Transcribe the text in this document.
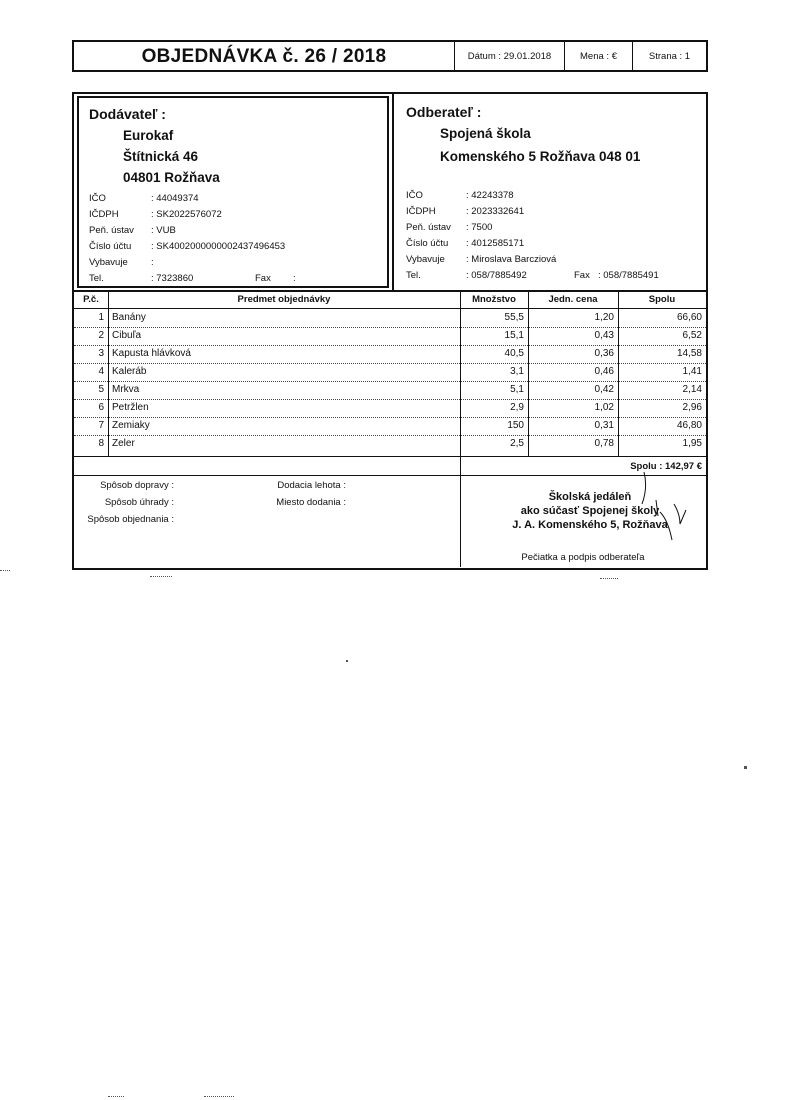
OBJEDNÁVKA č. 26 / 2018	Dátum : 29.01.2018	Mena : €	Strana : 1
Dodávateľ :
Eurokaf
Štítnická 46
04801 Rožňava
IČO	: 44049374
IČDPH	: SK2022576072
Peň. ústav : VUB
Číslo účtu : SK4002000000002437496453
Vybavuje :
Tel.	: 7323860	Fax :
Odberateľ :
Spojená škola
Komenského 5 Rožňava 048 01
IČO	: 42243378
IČDPH	: 2023332641
Peň. ústav : 7500
Číslo účtu : 4012585171
Vybavuje : Miroslava Barcziová
Tel.	: 058/7885492	Fax : 058/7885491
P.č.	Predmet objednávky	Množstvo	Jedn. cena	Spolu
1 Banány	55,5	1,20	66,60
2 Cibuľa	15,1	0,43	6,52
3 Kapusta hlávková	40,5	0,36	14,58
4 Kaleráb	3,1	0,46	1,41
5 Mrkva	5,1	0,42	2,14
6 Petržlen	2,9	1,02	2,96
7 Zemiaky	150	0,31	46,80
8 Zeler	2,5	0,78	1,95
Spolu : 142,97 €
Spôsob dopravy :
Spôsob úhrady :
Spôsob objednania :
Dodacia lehota :
Miesto dodania :	Školská jedáleň
ako súčasť Spojenej školy
J. A. Komenského 5, Rožňava
Pečiatka a podpis odberateľa
